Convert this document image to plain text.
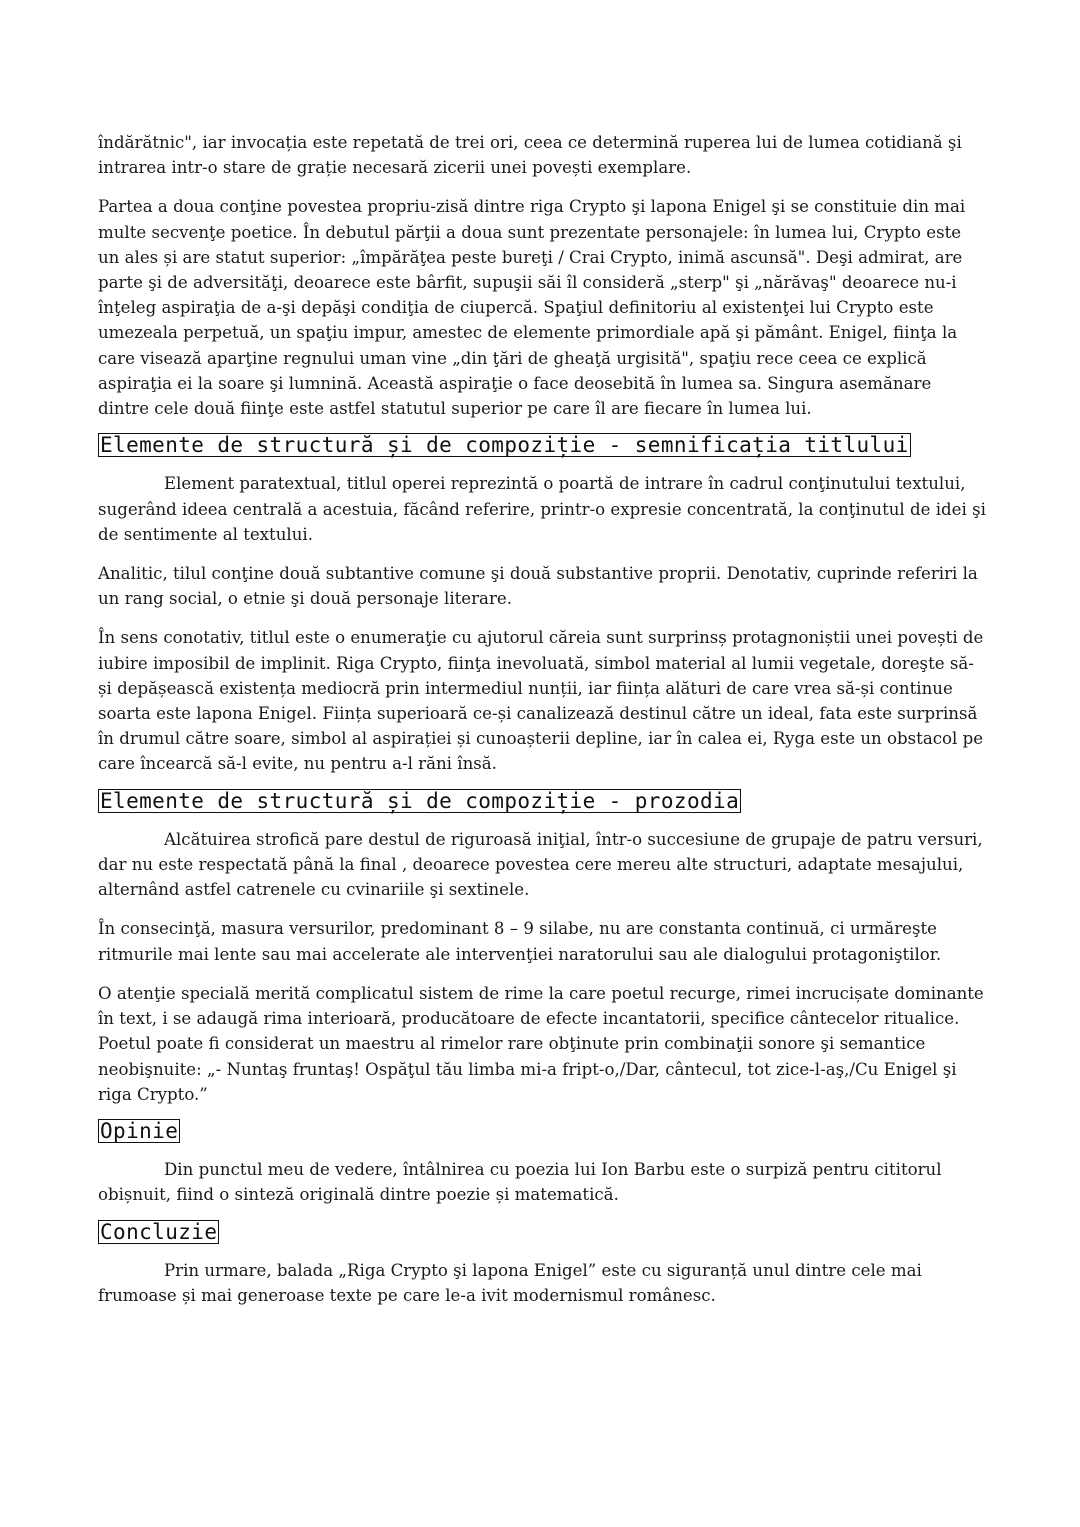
îndărătnic", iar invocația este repetată de trei ori, ceea ce determină ruperea lui de lumea cotidiană şi intrarea intr-o stare de grație necesară zicerii unei povești exemplare.

Partea a doua conţine povestea propriu-zisă dintre riga Crypto şi lapona Enigel şi se constituie din mai multe secvenţe poetice. În debutul părţii a doua sunt prezentate personajele: în lumea lui, Crypto este un ales și are statut superior: „împărăţea peste bureţi / Crai Crypto, inimă ascunsă". Deşi admirat, are parte şi de adversităţi, deoarece este bârfit, supuşii săi îl consideră „sterp" şi „nărăvaş" deoarece nu-i înţeleg aspiraţia de a-şi depăşi condiţia de ciupercă. Spaţiul definitoriu al existenţei lui Crypto este umezeala perpetuă, un spaţiu impur, amestec de elemente primordiale apă şi pământ. Enigel, fiinţa la care visează aparţine regnului uman vine „din ţări de gheaţă urgisită", spaţiu rece ceea ce explică aspiraţia ei la soare şi lumnină. Această aspiraţie o face deosebită în lumea sa. Singura asemănare dintre cele două fiinţe este astfel statutul superior pe care îl are fiecare în lumea lui.

Elemente de structură și de compoziție - semnificația titlului

Element paratextual, titlul operei reprezintă o poartă de intrare în cadrul conţinutului textului, sugerând ideea centrală a acestuia, făcând referire, printr-o expresie concentrată, la conţinutul de idei şi de sentimente al textului.

Analitic, tilul conţine două subtantive comune şi două substantive proprii. Denotativ, cuprinde referiri la un rang social, o etnie şi două personaje literare.

În sens conotativ, titlul este o enumeraţie cu ajutorul căreia sunt surprinsș protagnoniștii unei povești de iubire imposibil de implinit. Riga Crypto, fiinţa inevoluată, simbol material al lumii vegetale, doreşte să-și depășească existența mediocră prin intermediul nunții, iar ființa alături de care vrea să-și continue soarta este lapona Enigel. Ființa superioară ce-și canalizează destinul către un ideal, fata este surprinsă în drumul către soare, simbol al aspirației și cunoașterii depline, iar în calea ei, Ryga este un obstacol pe care încearcă să-l evite, nu pentru a-l răni însă.

Elemente de structură și de compoziție - prozodia

Alcătuirea strofică pare destul de riguroasă iniţial, într-o succesiune de grupaje de patru versuri, dar nu este respectată până la final , deoarece povestea cere mereu alte structuri, adaptate mesajului, alternând astfel catrenele cu cvinariile şi sextinele.

În consecinţă, masura versurilor, predominant 8 – 9 silabe, nu are constanta continuă, ci urmăreşte ritmurile mai lente sau mai accelerate ale intervenţiei naratorului sau ale dialogului protagoniştilor.

O atenţie specială merită complicatul sistem de rime la care poetul recurge, rimei incrucișate dominante în text, i se adaugă rima interioară, producătoare de efecte incantatorii, specifice cântecelor ritualice. Poetul poate fi considerat un maestru al rimelor rare obţinute prin combinaţii sonore şi semantice neobişnuite: „- Nuntaş fruntaş! Ospăţul tău limba mi-a fript-o,/Dar, cântecul, tot zice-l-aş,/Cu Enigel şi riga Crypto.”

Opinie

Din punctul meu de vedere, întâlnirea cu poezia lui Ion Barbu este o surpiză pentru cititorul obișnuit, fiind o sinteză originală dintre poezie și matematică.

Concluzie

Prin urmare, balada „Riga Crypto şi lapona Enigel” este cu siguranță unul dintre cele mai frumoase și mai generoase texte pe care le-a ivit modernismul românesc.
